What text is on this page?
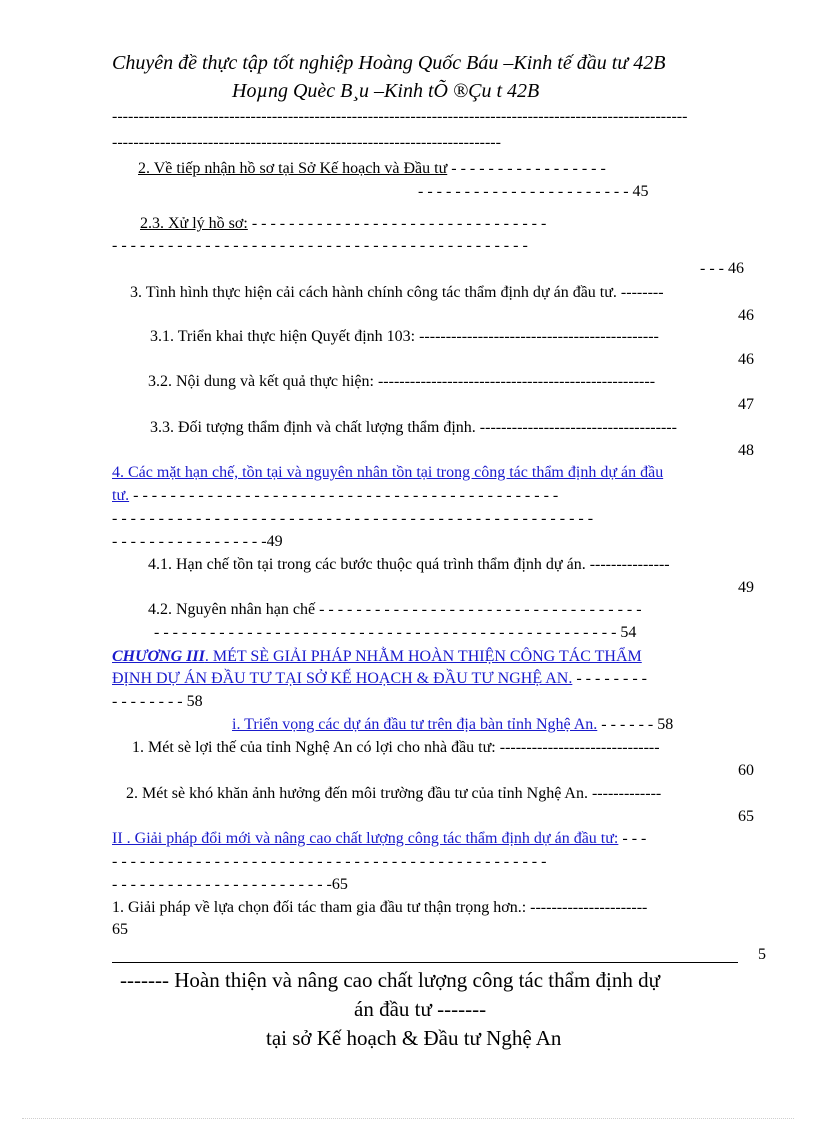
Chuyên đề thực tập tốt nghiệp Hoàng Quốc Báu –Kinh tế đầu tư 42B
Hoµng Quèc B¸u –Kinh tÕ ®Çu t 42B
------------------------------------------------------------------------------------------------------------
-------------------------------------------------------------------------
2. Về tiếp nhận hồ sơ tại Sở Kế hoạch và Đầu tư - - - - - - - - - - - - - - - - -
- - - - - - - - - - - - - - - - - - - - - - - 45
2.3. Xử lý hồ sơ: - - - - - - - - - - - - - - - - - - - - - - - - - - - - - - - -
- - - - - - - - - - - - - - - - - - - - - - - - - - - - - - - - - - - - - - - - - - - - -
- - - 46
3. Tình hình thực hiện cải cách hành chính công tác thẩm định dự án đầu tư. --------
46
3.1. Triển khai thực hiện Quyết định 103: ---------------------------------------------
46
3.2. Nội dung và kết quả thực hiện: ----------------------------------------------------
47
3.3. Đối tượng thẩm định và chất lượng thẩm định. -------------------------------------
48
4. Các mặt hạn chế, tồn tại và nguyên nhân tồn tại trong công tác thẩm định dự án đầu
tư. - - - - - - - - - - - - - - - - - - - - - - - - - - - - - - - - - - - - - - - - - - - - - -
- - - - - - - - - - - - - - - - - - - - - - - - - - - - - - - - - - - - - - - - - - - - - - - - - - - -
- - - - - - - - - - - - - - - - -49
4.1. Hạn chế tồn tại trong các bước thuộc quá trình thẩm định dự án. ---------------
49
4.2. Nguyên nhân hạn chế - - - - - - - - - - - - - - - - - - - - - - - - - - - - - - - - - - -
- - - - - - - - - - - - - - - - - - - - - - - - - - - - - - - - - - - - - - - - - - - - - - - - - - 54
CHƯƠNG III. MÉT SÈ GIẢI PHÁP NHẰM HOÀN THIỆN CÔNG TÁC THẨM
ĐỊNH DỰ ÁN ĐẦU TƯ TẠI SỞ KẾ HOẠCH & ĐẦU TƯ NGHỆ AN. - - - - - - - -
- - - - - - - - 58
i. Triển vọng các dự án đầu tư trên địa bàn tỉnh Nghệ An. - - - - - - 58
1. Mét sè lợi thế của tỉnh Nghệ An có lợi cho nhà đầu tư: ------------------------------
60
2. Mét sè khó khăn ảnh hưởng đến môi trường đầu tư của tỉnh Nghệ An. -------------
65
II . Giải pháp đổi mới và nâng cao chất lượng công tác thẩm định dự án đầu tư: - - -
- - - - - - - - - - - - - - - - - - - - - - - - - - - - - - - - - - - - - - - - - - - - - - -
- - - - - - - - - - - - - - - - - - - - - - - -65
1. Giải pháp về lựa chọn đối tác tham gia đầu tư thận trọng hơn.: ----------------------
65
5
------- Hoàn thiện và nâng cao chất lượng công tác thẩm định dự
án đầu tư -------
tại sở Kế hoạch & Đầu tư Nghệ An
